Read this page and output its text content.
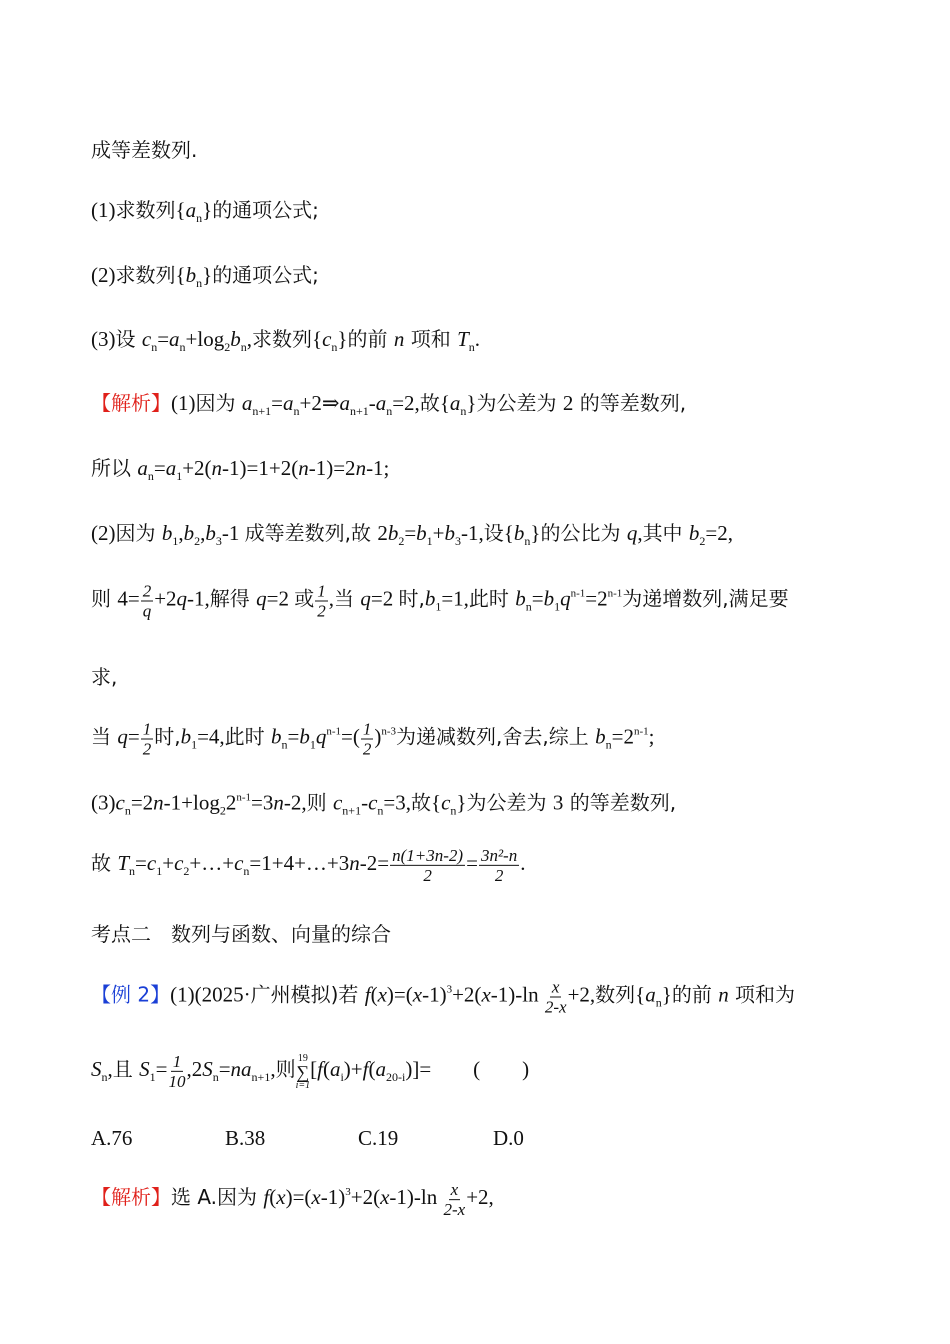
成等差数列.
(1)求数列$\{a_n\}$的通项公式;
(2)求数列$\{b_n\}$的通项公式;
(3)设 $c_n=a_n+\log_2b_n$,求数列$\{c_n\}$的前 n 项和 $T_n$.
【解析】(1)因为 $a_{n+1}=a_n+2\Rightarrow a_{n+1}-a_n=2$,故$\{a_n\}$为公差为 2 的等差数列,
所以 $a_n=a_1+2(n-1)=1+2(n-1)=2n-1$;
(2)因为 $b_1,b_2,b_3-1$ 成等差数列,故 $2b_2=b_1+b_3-1$,设$\{b_n\}$的公比为 q,其中 $b_2=2$,
则 $4= \frac{2}{q} +2q-1$,解得 q=2 或 $\frac{1}{2}$ ,当 q=2 时$,b_1=1$,此时 $b_n=b_1q^{n-1}=2^{n-1}$为递增数列,满足要
求,
当 $q= \frac{1}{2}$ 时$,b_1=4$,此时 $b_n=b_1q^{n-1}=( \frac{1}{2} )^{n-3}$为递减数列,舍去,综上 $b_n=2^{n-1}$;
$(3)c_n=2n-1+\log_22^{n-1}=3n-2$,则 $c_{n+1}-c_n=3$,故$\{c_n\}$为公差为 3 的等差数列,
故 $T_n=c_1+c_2+\dots+c_n=1+4+\dots+3n-2= \frac{n(1+3n-2)}{2} = \frac{\text{3n²-n}}{2}$ .
考点二　数列与函数、向量的综合
【例 2】(1)(2025·广州模拟)若 $f(x)=(x-1)^3+2(x-1)-\ln \frac{x}{2-x} +2$,数列$\{a_n\}$的前 n 项和为
$S_n$,且 $S_1= \frac{1}{10} ,2S_n=na_{n+1}$,则 19
∑
i=1
$[f(a_i)+f(a_{20-i})]=$　　(　　)
【解析】选 A.因为 $f(x)=(x-1)^3+2(x-1)-\ln \frac{x}{2-x} +2$,
A.76	B.38	C.19	D.0
